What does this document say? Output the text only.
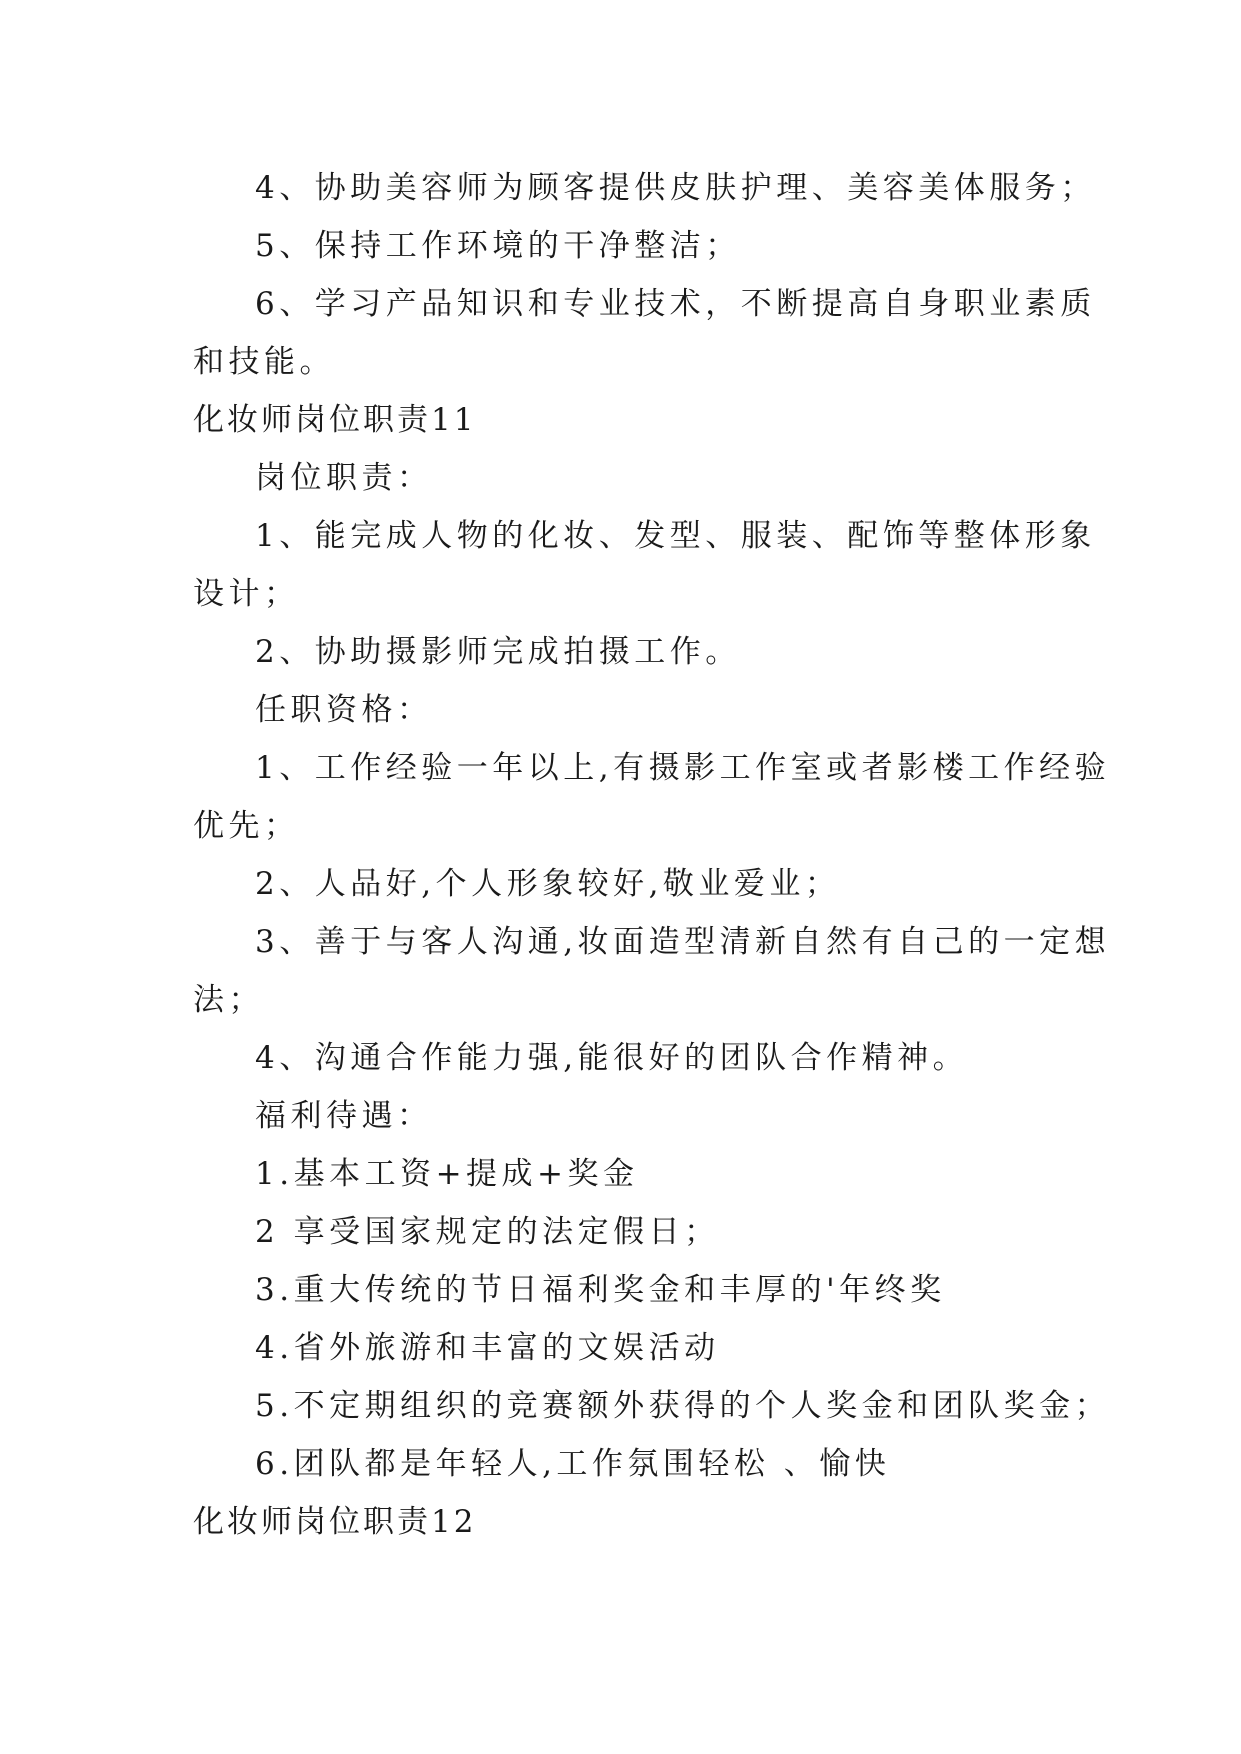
4、协助美容师为顾客提供皮肤护理、美容美体服务；
5、保持工作环境的干净整洁；
6、学习产品知识和专业技术，不断提高自身职业素质
和技能。
化妆师岗位职责11
岗位职责：
1、能完成人物的化妆、发型、服装、配饰等整体形象
设计；
2、协助摄影师完成拍摄工作。
任职资格：
1、工作经验一年以上,有摄影工作室或者影楼工作经验
优先；
2、人品好,个人形象较好,敬业爱业；
3、善于与客人沟通,妆面造型清新自然有自己的一定想
法；
4、沟通合作能力强,能很好的团队合作精神。
福利待遇：
1.基本工资+提成+奖金
2 享受国家规定的法定假日；
3.重大传统的节日福利奖金和丰厚的'年终奖
4.省外旅游和丰富的文娱活动
5.不定期组织的竞赛额外获得的个人奖金和团队奖金；
6.团队都是年轻人,工作氛围轻松 、愉快
化妆师岗位职责12
